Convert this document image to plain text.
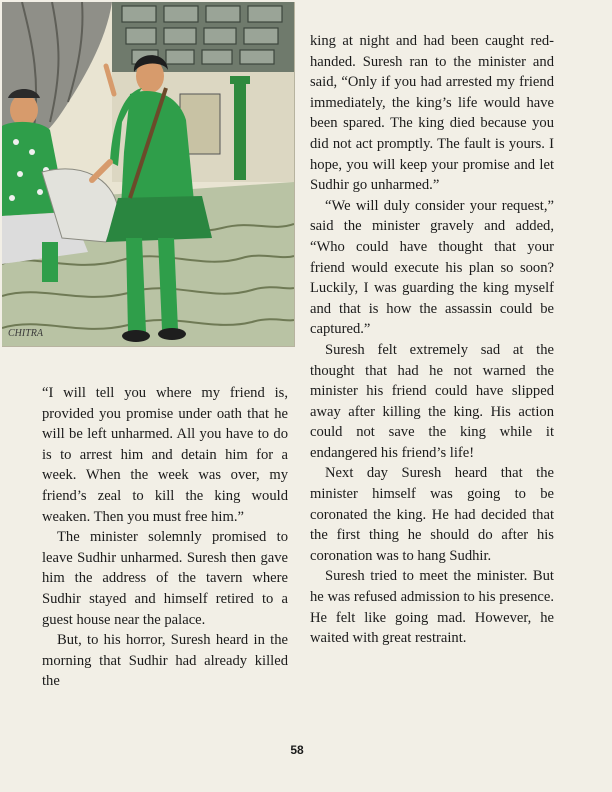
CHITRA

“I will tell you where my friend is, provided you promise under oath that he will be left unharmed. All you have to do is to arrest him and detain him for a week. When the week was over, my friend’s zeal to kill the king would weaken. Then you must free him.”

The minister solemnly promised to leave Sudhir unharmed. Suresh then gave him the address of the tavern where Sudhir stayed and himself retired to a guest house near the palace.

But, to his horror, Suresh heard in the morning that Sudhir had already killed the

king at night and had been caught red-handed. Suresh ran to the minister and said, “Only if you had arrested my friend immediately, the king’s life would have been spared. The king died because you did not act promptly. The fault is yours. I hope, you will keep your promise and let Sudhir go unharmed.”

“We will duly consider your request,” said the minister gravely and added, “Who could have thought that your friend would execute his plan so soon? Luckily, I was guarding the king myself and that is how the assassin could be captured.”

Suresh felt extremely sad at the thought that had he not warned the minister his friend could have slipped away after killing the king. His action could not save the king while it endangered his friend’s life!

Next day Suresh heard that the minister himself was going to be coronated the king. He had decided that the first thing he should do after his coronation was to hang Sudhir.

Suresh tried to meet the minister. But he was refused admission to his presence. He felt like going mad. However, he waited with great restraint.

58
